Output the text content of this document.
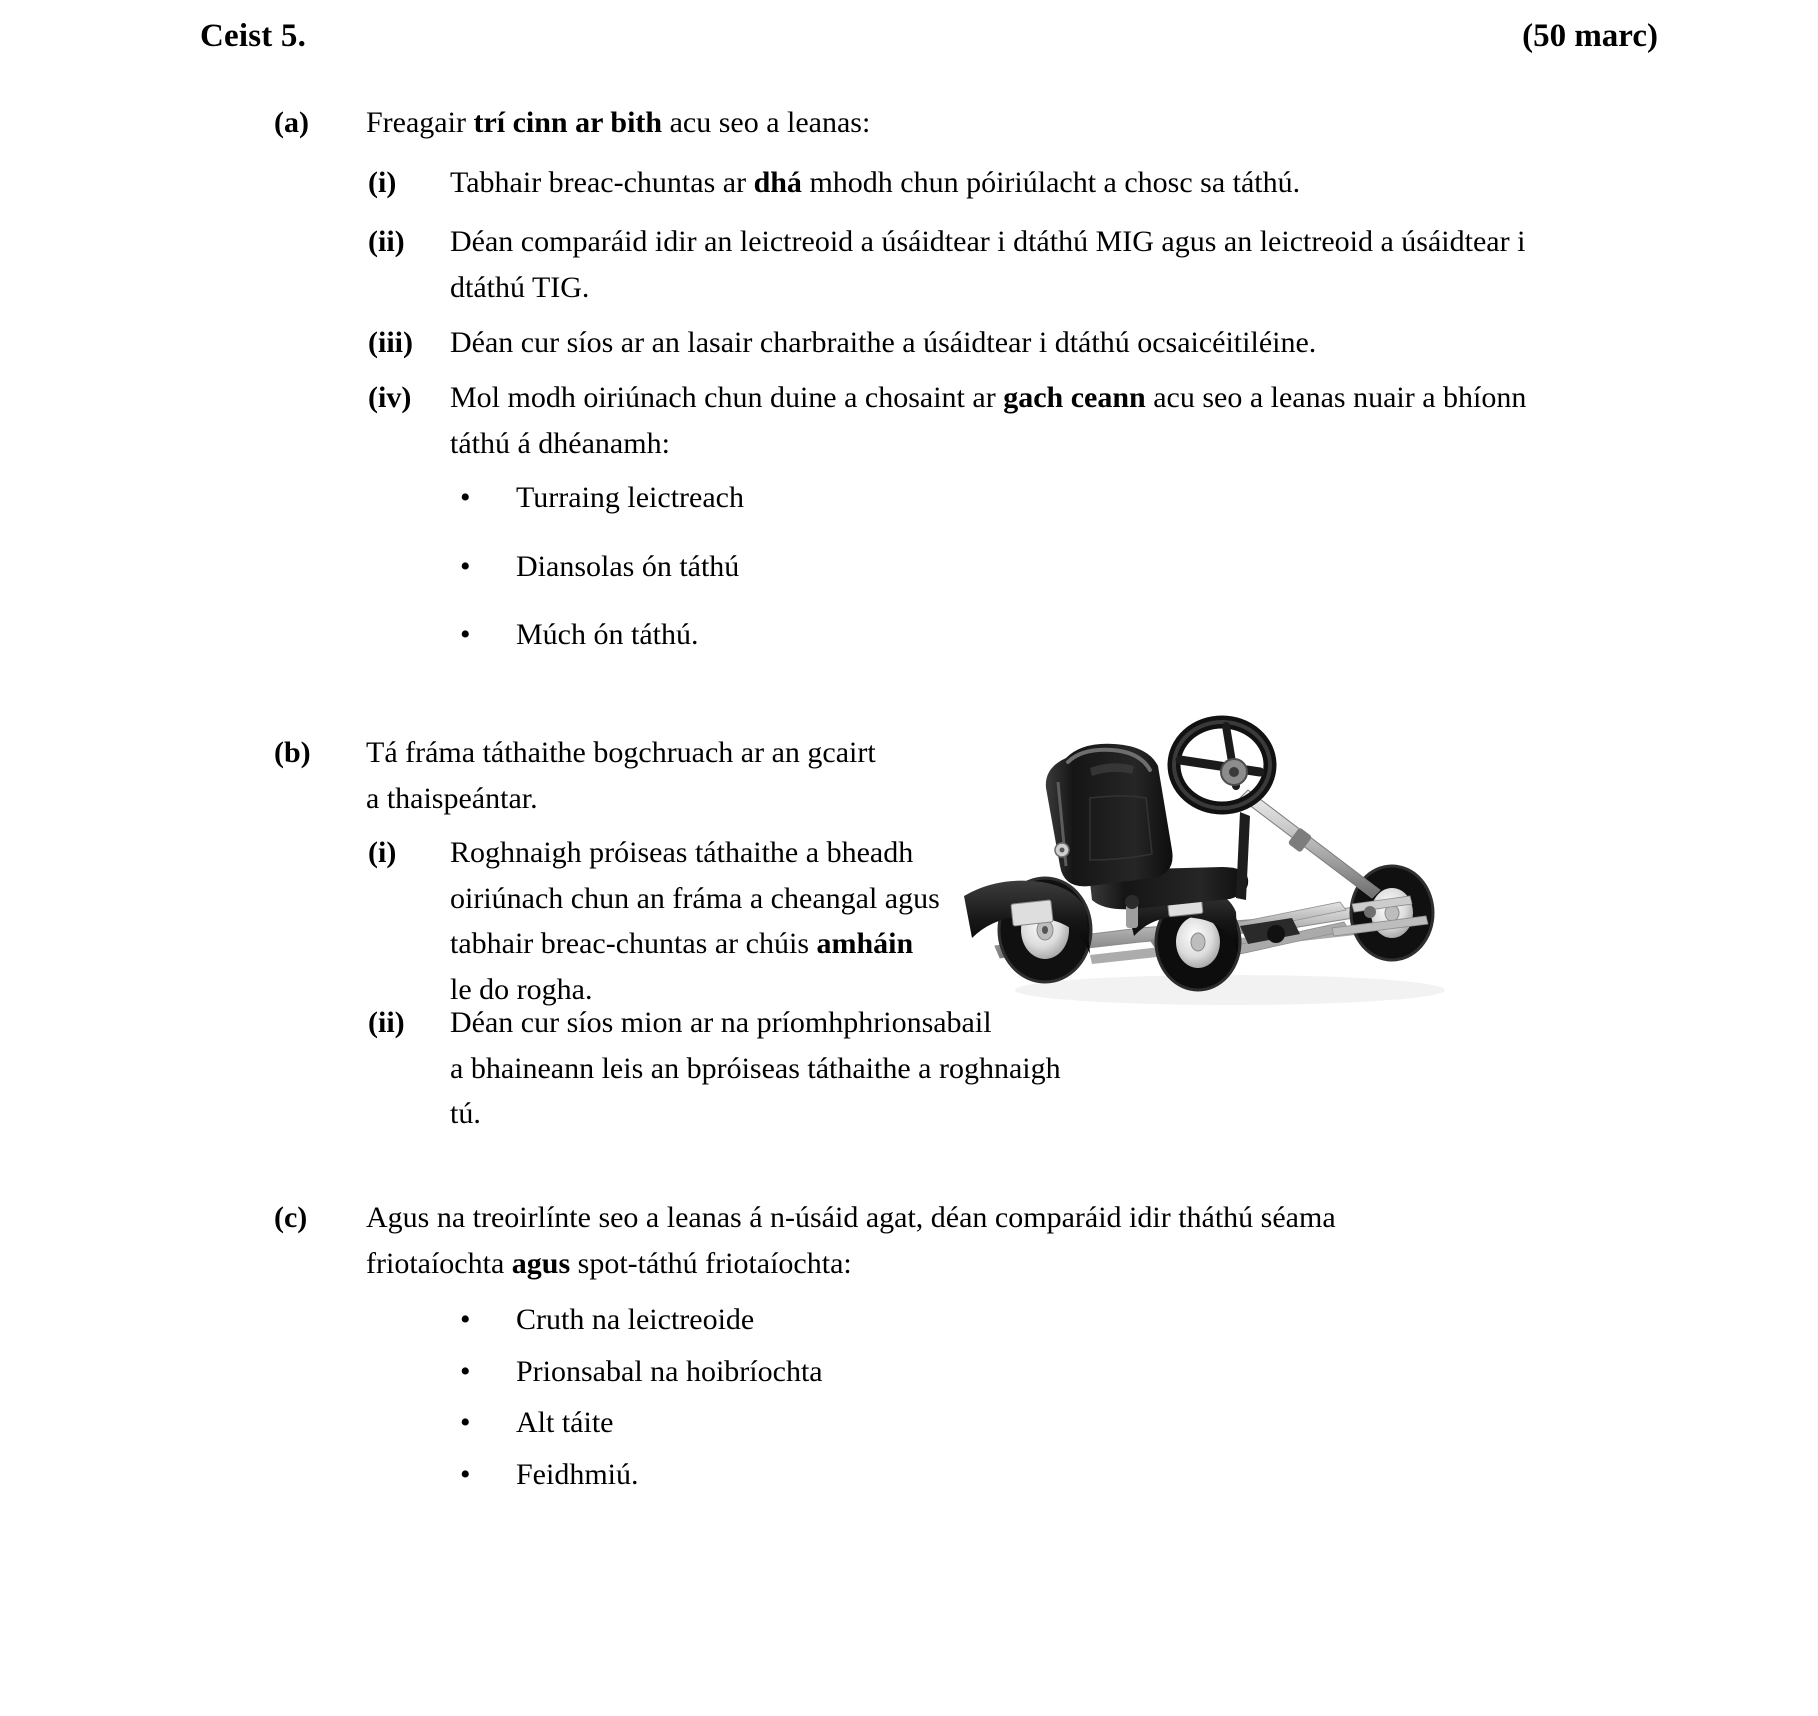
Ceist 5.	(50 marc)
(a)	Freagair trí cinn ar bith acu seo a leanas:
(i)	Tabhair breac-chuntas ar dhá mhodh chun póiriúlacht a chosc sa táthú.
(ii)	Déan comparáid idir an leictreoid a úsáidtear i dtáthú MIG agus an leictreoid a úsáidtear i dtáthú TIG.
(iii)	Déan cur síos ar an lasair charbraithe a úsáidtear i dtáthú ocsaicéitiléine.
(iv)	Mol modh oiriúnach chun duine a chosaint ar gach ceann acu seo a leanas nuair a bhíonn táthú á dhéanamh:
• Turraing leictreach
• Diansolas ón táthú
• Múch ón táthú.
(b)	Tá fráma táthaithe bogchruach ar an gcairt
a thaispeántar.
(i)	Roghnaigh próiseas táthaithe a bheadh
oiriúnach chun an fráma a cheangal agus
tabhair breac-chuntas ar chúis amháin
le do rogha.
(ii)	Déan cur síos mion ar na príomhphrionsabail
a bhaineann leis an bpróiseas táthaithe a roghnaigh tú.
(c)	Agus na treoirlínte seo a leanas á n-úsáid agat, déan comparáid idir tháthú séama
friotaíochta agus spot-táthú friotaíochta:
• Cruth na leictreoide
• Prionsabal na hoibríochta
• Alt táite
• Feidhmiú.
